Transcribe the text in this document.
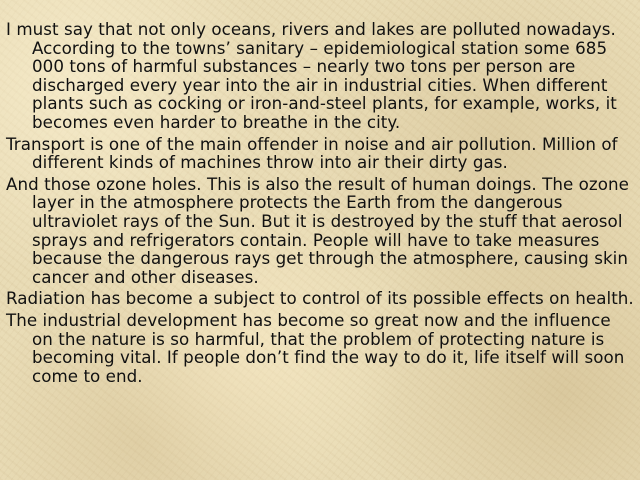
I must say that not only oceans, rivers and lakes are polluted nowadays. According to the towns’ sanitary – epidemiological station some 685 000 tons of harmful substances – nearly two tons per person are discharged every year into the air in industrial cities. When different plants such as cocking or iron-and-steel plants, for example, works, it becomes even harder to breathe in the city.

Transport is one of the main offender in noise and air pollution. Million of different kinds of machines throw into air their dirty gas.

And those ozone holes. This is also the result of human doings. The ozone layer in the atmosphere protects the Earth from the dangerous ultraviolet rays of the Sun. But it is destroyed by the stuff that aerosol sprays and refrigerators contain. People will have to take measures because the dangerous rays get through the atmosphere, causing skin cancer and other diseases.

Radiation has become a subject to control of its possible effects on health.

The industrial development has become so great now and the influence on the nature is so harmful, that the problem of protecting nature is becoming vital. If people don’t find the way to do it, life itself will soon come to end.
